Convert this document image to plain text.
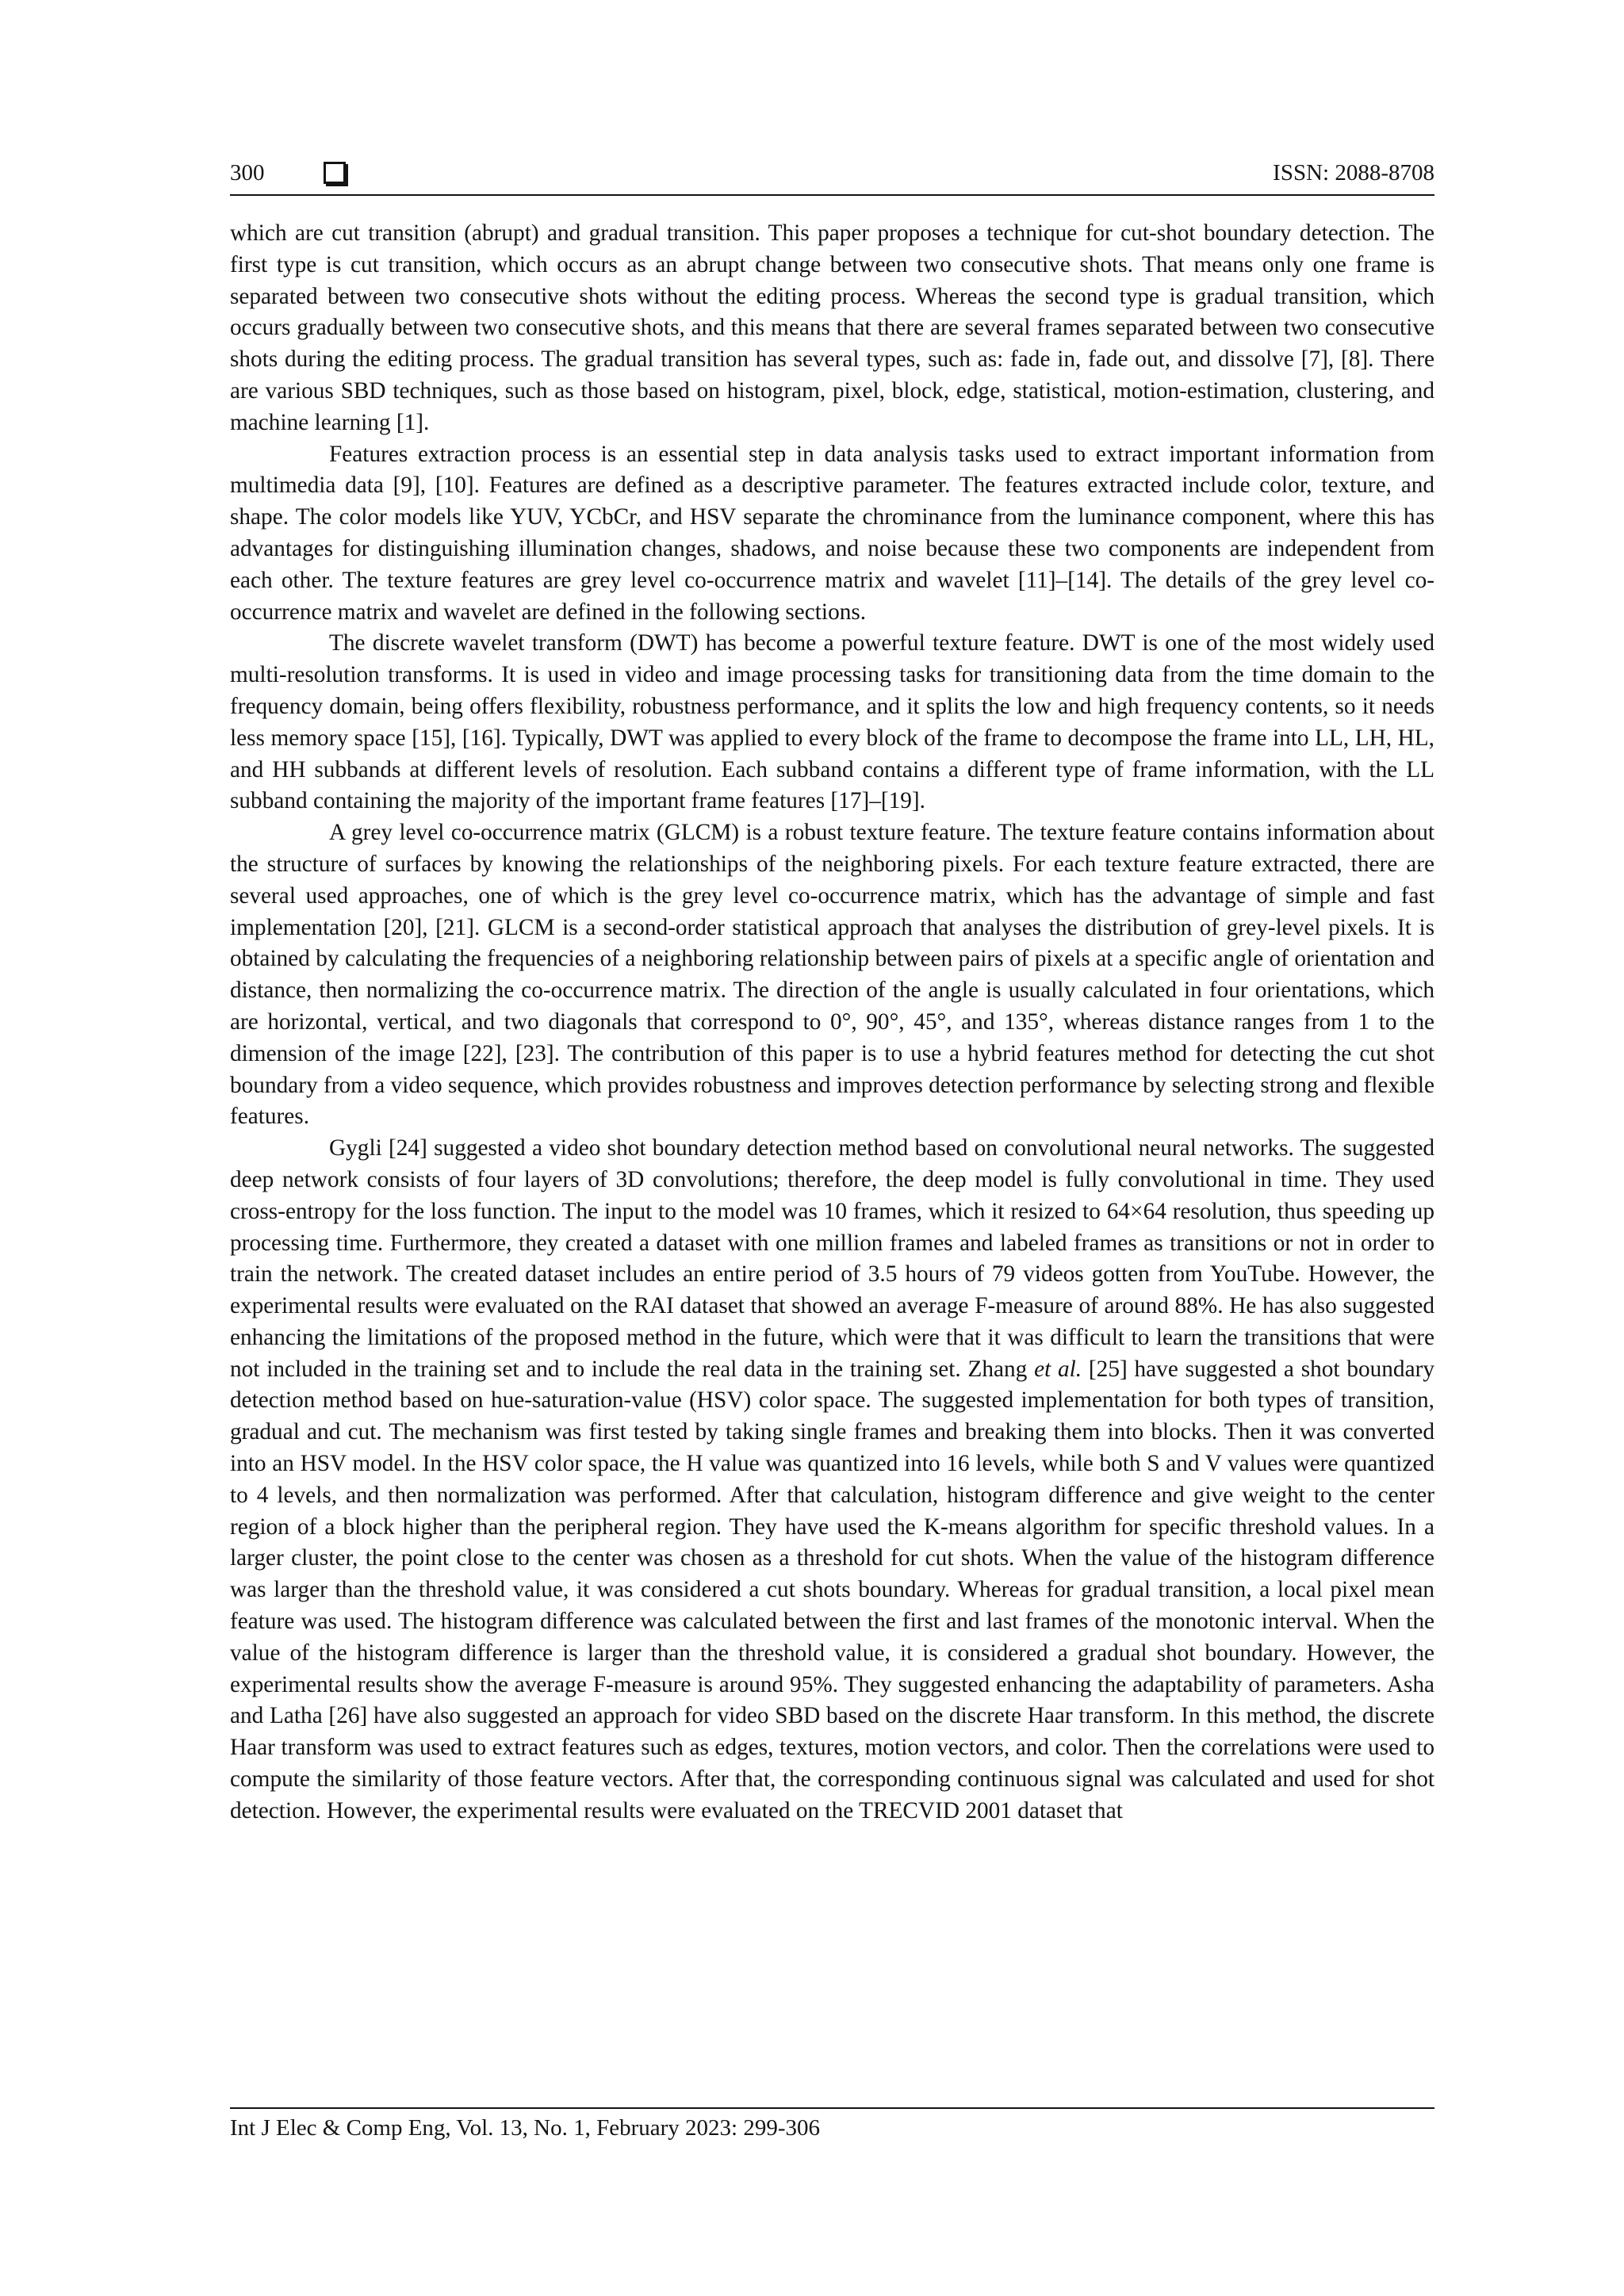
300	ISSN: 2088-8708

which are cut transition (abrupt) and gradual transition. This paper proposes a technique for cut-shot boundary detection. The first type is cut transition, which occurs as an abrupt change between two consecutive shots. That means only one frame is separated between two consecutive shots without the editing process. Whereas the second type is gradual transition, which occurs gradually between two consecutive shots, and this means that there are several frames separated between two consecutive shots during the editing process. The gradual transition has several types, such as: fade in, fade out, and dissolve [7], [8]. There are various SBD techniques, such as those based on histogram, pixel, block, edge, statistical, motion-estimation, clustering, and machine learning [1].

Features extraction process is an essential step in data analysis tasks used to extract important information from multimedia data [9], [10]. Features are defined as a descriptive parameter. The features extracted include color, texture, and shape. The color models like YUV, YCbCr, and HSV separate the chrominance from the luminance component, where this has advantages for distinguishing illumination changes, shadows, and noise because these two components are independent from each other. The texture features are grey level co-occurrence matrix and wavelet [11]–[14]. The details of the grey level co-occurrence matrix and wavelet are defined in the following sections.

The discrete wavelet transform (DWT) has become a powerful texture feature. DWT is one of the most widely used multi-resolution transforms. It is used in video and image processing tasks for transitioning data from the time domain to the frequency domain, being offers flexibility, robustness performance, and it splits the low and high frequency contents, so it needs less memory space [15], [16]. Typically, DWT was applied to every block of the frame to decompose the frame into LL, LH, HL, and HH subbands at different levels of resolution. Each subband contains a different type of frame information, with the LL subband containing the majority of the important frame features [17]–[19].

A grey level co-occurrence matrix (GLCM) is a robust texture feature. The texture feature contains information about the structure of surfaces by knowing the relationships of the neighboring pixels. For each texture feature extracted, there are several used approaches, one of which is the grey level co-occurrence matrix, which has the advantage of simple and fast implementation [20], [21]. GLCM is a second-order statistical approach that analyses the distribution of grey-level pixels. It is obtained by calculating the frequencies of a neighboring relationship between pairs of pixels at a specific angle of orientation and distance, then normalizing the co-occurrence matrix. The direction of the angle is usually calculated in four orientations, which are horizontal, vertical, and two diagonals that correspond to 0°, 90°, 45°, and 135°, whereas distance ranges from 1 to the dimension of the image [22], [23]. The contribution of this paper is to use a hybrid features method for detecting the cut shot boundary from a video sequence, which provides robustness and improves detection performance by selecting strong and flexible features.

Gygli [24] suggested a video shot boundary detection method based on convolutional neural networks. The suggested deep network consists of four layers of 3D convolutions; therefore, the deep model is fully convolutional in time. They used cross-entropy for the loss function. The input to the model was 10 frames, which it resized to 64×64 resolution, thus speeding up processing time. Furthermore, they created a dataset with one million frames and labeled frames as transitions or not in order to train the network. The created dataset includes an entire period of 3.5 hours of 79 videos gotten from YouTube. However, the experimental results were evaluated on the RAI dataset that showed an average F-measure of around 88%. He has also suggested enhancing the limitations of the proposed method in the future, which were that it was difficult to learn the transitions that were not included in the training set and to include the real data in the training set. Zhang et al. [25] have suggested a shot boundary detection method based on hue-saturation-value (HSV) color space. The suggested implementation for both types of transition, gradual and cut. The mechanism was first tested by taking single frames and breaking them into blocks. Then it was converted into an HSV model. In the HSV color space, the H value was quantized into 16 levels, while both S and V values were quantized to 4 levels, and then normalization was performed. After that calculation, histogram difference and give weight to the center region of a block higher than the peripheral region. They have used the K-means algorithm for specific threshold values. In a larger cluster, the point close to the center was chosen as a threshold for cut shots. When the value of the histogram difference was larger than the threshold value, it was considered a cut shots boundary. Whereas for gradual transition, a local pixel mean feature was used. The histogram difference was calculated between the first and last frames of the monotonic interval. When the value of the histogram difference is larger than the threshold value, it is considered a gradual shot boundary. However, the experimental results show the average F-measure is around 95%. They suggested enhancing the adaptability of parameters. Asha and Latha [26] have also suggested an approach for video SBD based on the discrete Haar transform. In this method, the discrete Haar transform was used to extract features such as edges, textures, motion vectors, and color. Then the correlations were used to compute the similarity of those feature vectors. After that, the corresponding continuous signal was calculated and used for shot detection. However, the experimental results were evaluated on the TRECVID 2001 dataset that

Int J Elec & Comp Eng, Vol. 13, No. 1, February 2023: 299-306
